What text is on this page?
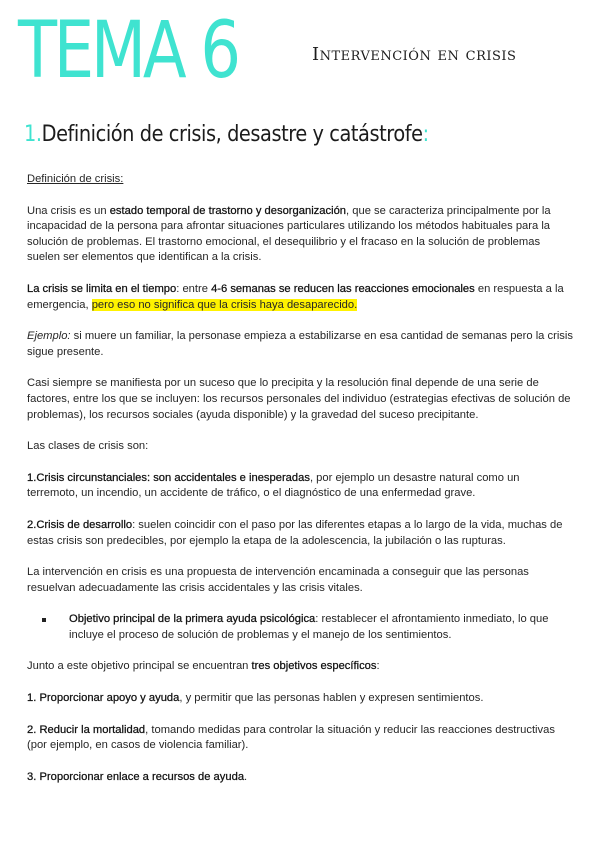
TEMA 6	Intervención en crisis
1.Definición de crisis, desastre y catástrofe:

Definición de crisis:

Una crisis es un estado temporal de trastorno y desorganización, que se caracteriza principalmente por la incapacidad de la persona para afrontar situaciones particulares utilizando los métodos habituales para la solución de problemas. El trastorno emocional, el desequilibrio y el fracaso en la solución de problemas suelen ser elementos que identifican a la crisis.

La crisis se limita en el tiempo: entre 4-6 semanas se reducen las reacciones emocionales en respuesta a la emergencia, pero eso no significa que la crisis haya desaparecido.

Ejemplo: si muere un familiar, la personase empieza a estabilizarse en esa cantidad de semanas pero la crisis sigue presente.

Casi siempre se manifiesta por un suceso que lo precipita y la resolución final depende de una serie de factores, entre los que se incluyen: los recursos personales del individuo (estrategias efectivas de solución de problemas), los recursos sociales (ayuda disponible) y la gravedad del suceso precipitante.

Las clases de crisis son:

1.Crisis circunstanciales: son accidentales e inesperadas, por ejemplo un desastre natural como un terremoto, un incendio, un accidente de tráfico, o el diagnóstico de una enfermedad grave.

2.Crisis de desarrollo: suelen coincidir con el paso por las diferentes etapas a lo largo de la vida, muchas de estas crisis son predecibles, por ejemplo la etapa de la adolescencia, la jubilación o las rupturas.

La intervención en crisis es una propuesta de intervención encaminada a conseguir que las personas resuelvan adecuadamente las crisis accidentales y las crisis vitales.

Objetivo principal de la primera ayuda psicológica: restablecer el afrontamiento inmediato, lo que incluye el proceso de solución de problemas y el manejo de los sentimientos.

Junto a este objetivo principal se encuentran tres objetivos específicos:

1. Proporcionar apoyo y ayuda, y permitir que las personas hablen y expresen sentimientos.

2. Reducir la mortalidad, tomando medidas para controlar la situación y reducir las reacciones destructivas (por ejemplo, en casos de violencia familiar).

3. Proporcionar enlace a recursos de ayuda.
